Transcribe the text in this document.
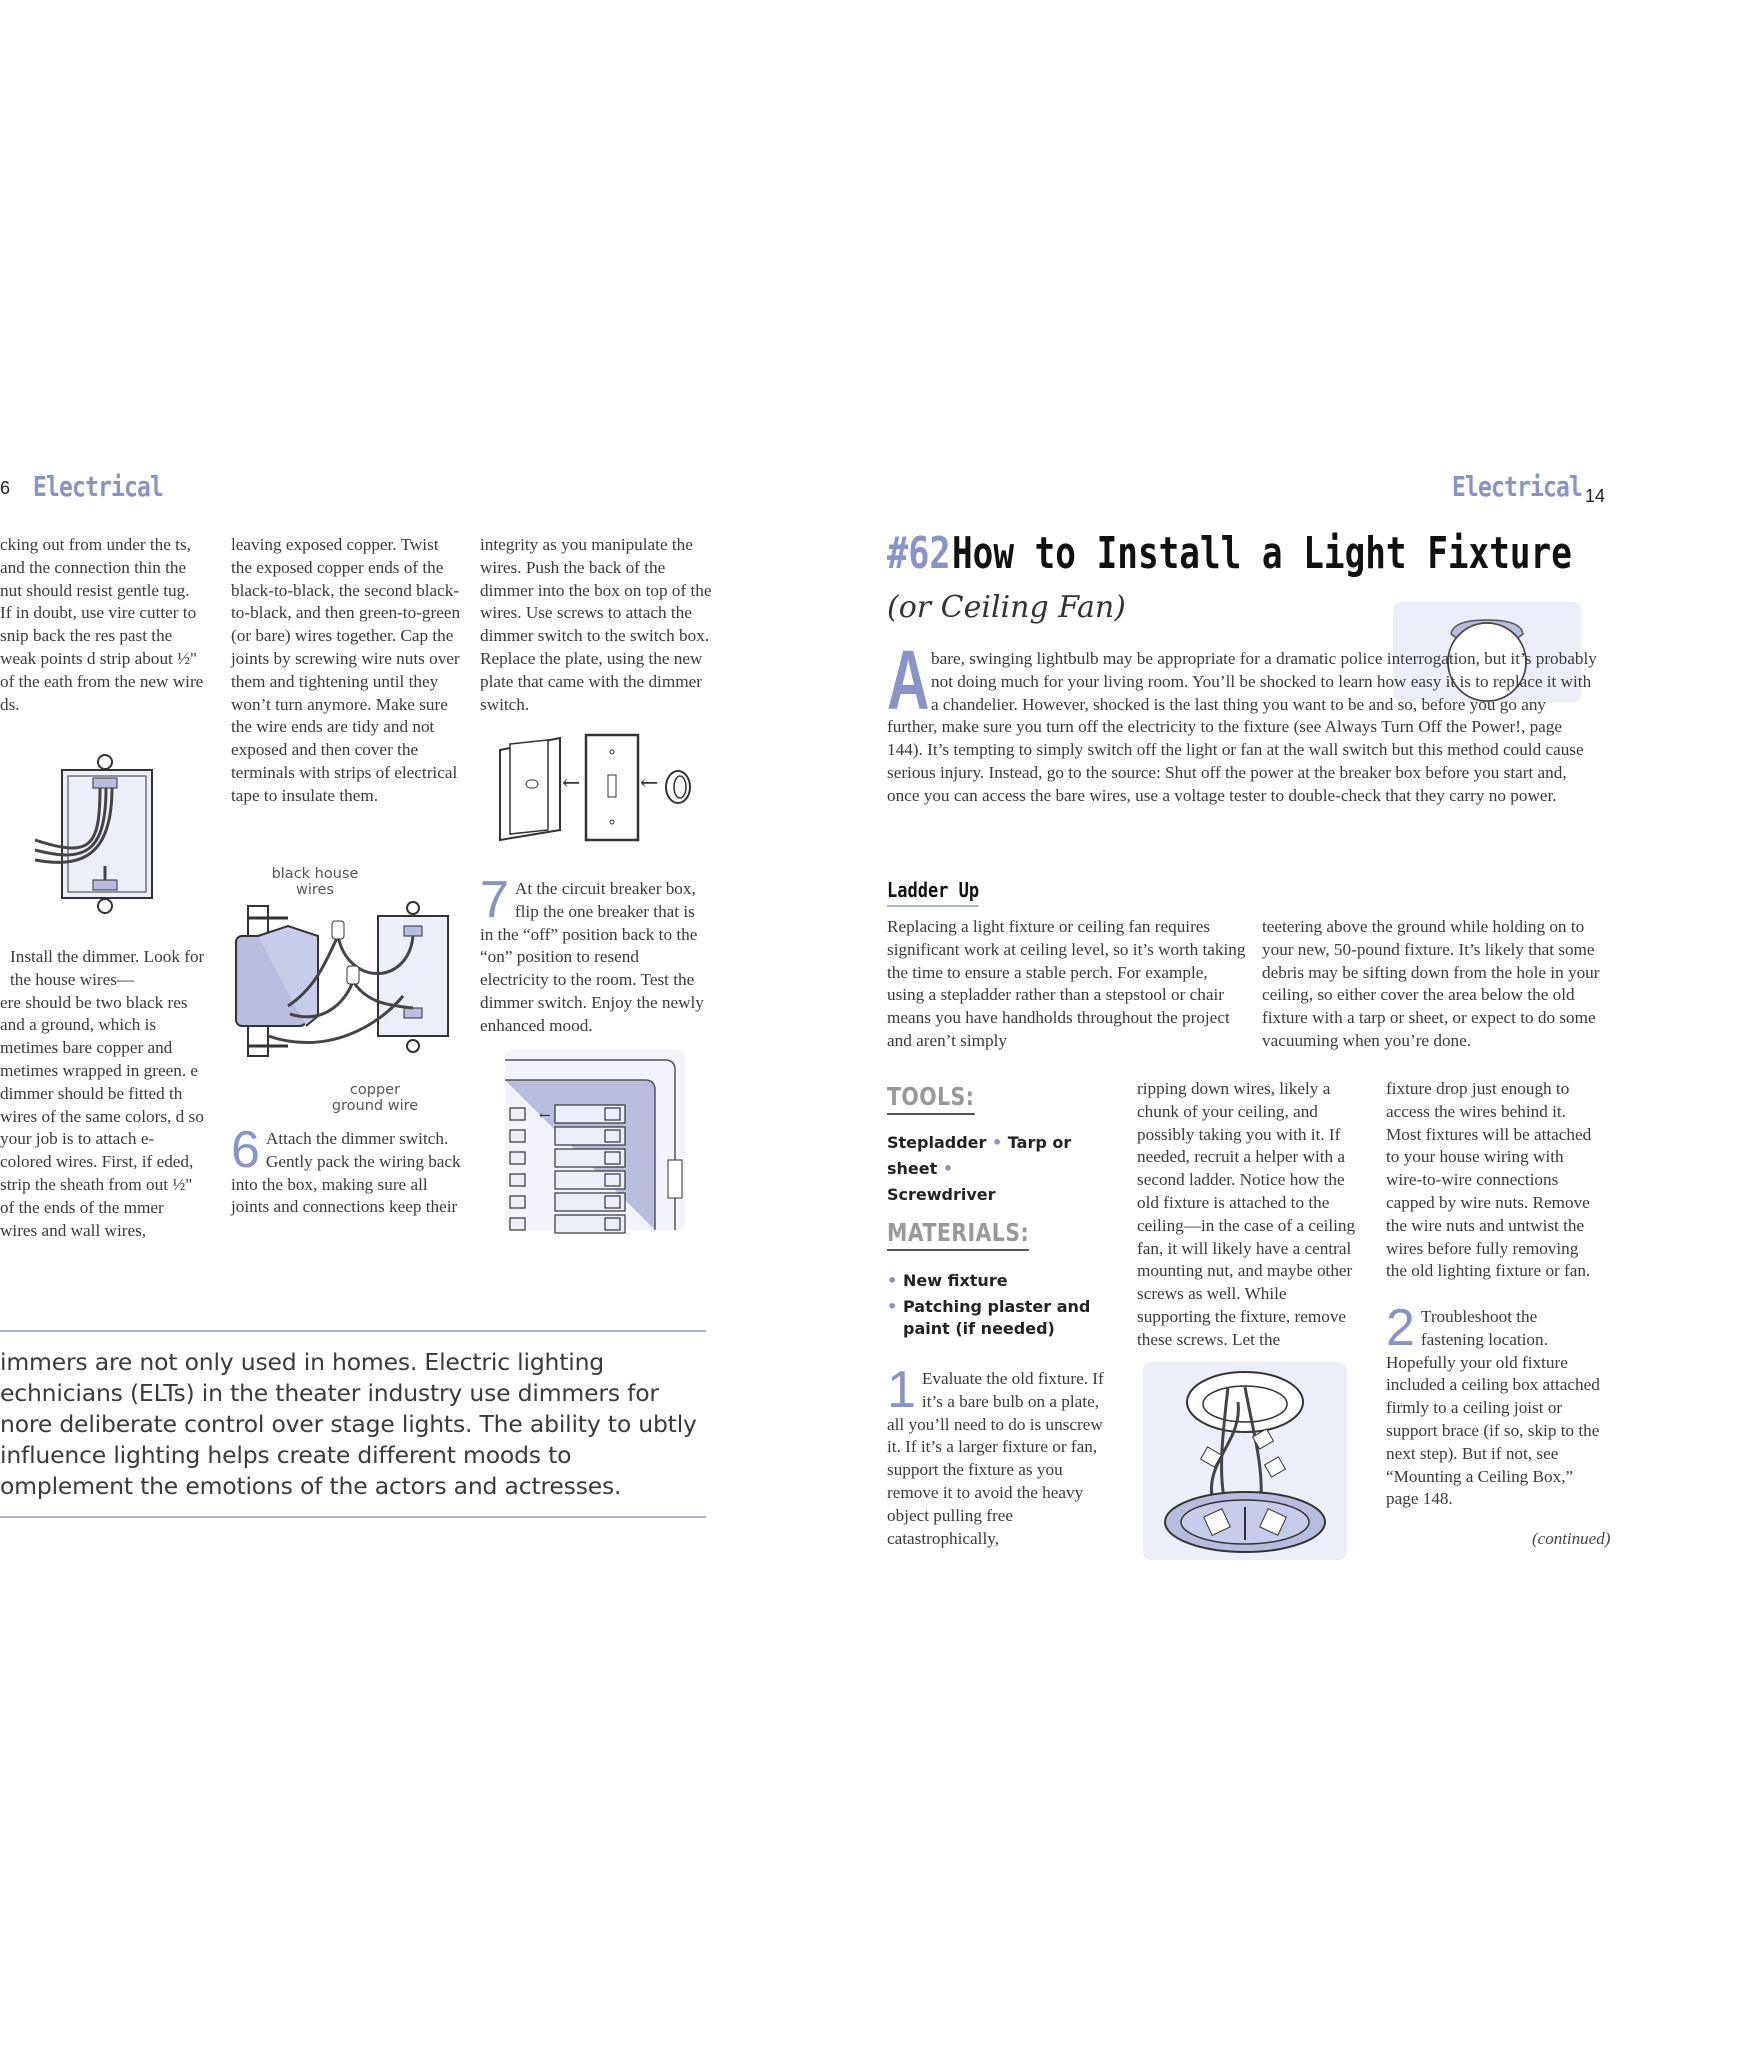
6 Electrical
cking out from under the ts, and the connection thin the nut should resist gentle tug. If in doubt, use vire cutter to snip back the res past the weak points d strip about ½" of the eath from the new wire ds.
leaving exposed copper. Twist the exposed copper ends of the black-to-black, the second black-to-black, and then green-to-green (or bare) wires together. Cap the joints by screwing wire nuts over them and tightening until they won’t turn anymore. Make sure the wire ends are tidy and not exposed and then cover the terminals with strips of electrical tape to insulate them.
integrity as you manipulate the wires. Push the back of the dimmer into the box on top of the wires. Use screws to attach the dimmer switch to the switch box. Replace the plate, using the new plate that came with the dimmer switch.
←	←
Install the dimmer. Look for the house wires—
ere should be two black res and a ground, which is metimes bare copper and metimes wrapped in green. e dimmer should be fitted th wires of the same colors, d so your job is to attach e-colored wires. First, if eded, strip the sheath from out ½" of the ends of the mmer wires and wall wires,
black house wires
copper ground wire
6 Attach the dimmer switch. Gently pack the wiring back into the box, making sure all joints and connections keep their
7 At the circuit breaker box, flip the one breaker that is in the “off” position back to the “on” position to resend electricity to the room. Test the dimmer switch. Enjoy the newly enhanced mood.
←
immers are not only used in homes. Electric lighting echnicians (ELTs) in the theater industry use dimmers for nore deliberate control over stage lights. The ability to ubtly influence lighting helps create different moods to omplement the emotions of the actors and actresses.
Electrical 14
#62How to Install a Light Fixture
(or Ceiling Fan)
A bare, swinging lightbulb may be appropriate for a dramatic police interrogation, but it’s probably not doing much for your living room. You’ll be shocked to learn how easy it is to replace it with a chandelier. However, shocked is the last thing you want to be and so, before you go any further, make sure you turn off the electricity to the fixture (see Always Turn Off the Power!, page 144). It’s tempting to simply switch off the light or fan at the wall switch but this method could cause serious injury. Instead, go to the source: Shut off the power at the breaker box before you start and, once you can access the bare wires, use a voltage tester to double-check that they carry no power.
Ladder Up
Replacing a light fixture or ceiling fan requires significant work at ceiling level, so it’s worth taking the time to ensure a stable perch. For example, using a stepladder rather than a stepstool or chair means you have handholds throughout the project and aren’t simply
teetering above the ground while holding on to your new, 50-pound fixture. It’s likely that some debris may be sifting down from the hole in your ceiling, so either cover the area below the old fixture with a tarp or sheet, or expect to do some vacuuming when you’re done.
TOOLS:
Stepladder • Tarp or sheet •
Screwdriver
MATERIALS:
• New fixture
• Patching plaster and paint (if needed)
1 Evaluate the old fixture. If it’s a bare bulb on a plate, all you’ll need to do is unscrew it. If it’s a larger fixture or fan, support the fixture as you remove it to avoid the heavy object pulling free catastrophically,
ripping down wires, likely a chunk of your ceiling, and possibly taking you with it. If needed, recruit a helper with a second ladder. Notice how the old fixture is attached to the ceiling—in the case of a ceiling fan, it will likely have a central mounting nut, and maybe other screws as well. While supporting the fixture, remove these screws. Let the
fixture drop just enough to access the wires behind it. Most fixtures will be attached to your house wiring with wire-to-wire connections capped by wire nuts. Remove the wire nuts and untwist the wires before fully removing the old lighting fixture or fan.
2 Troubleshoot the fastening location. Hopefully your old fixture included a ceiling box attached firmly to a ceiling joist or support brace (if so, skip to the next step). But if not, see “Mounting a Ceiling Box,” page 148.
(continued)
